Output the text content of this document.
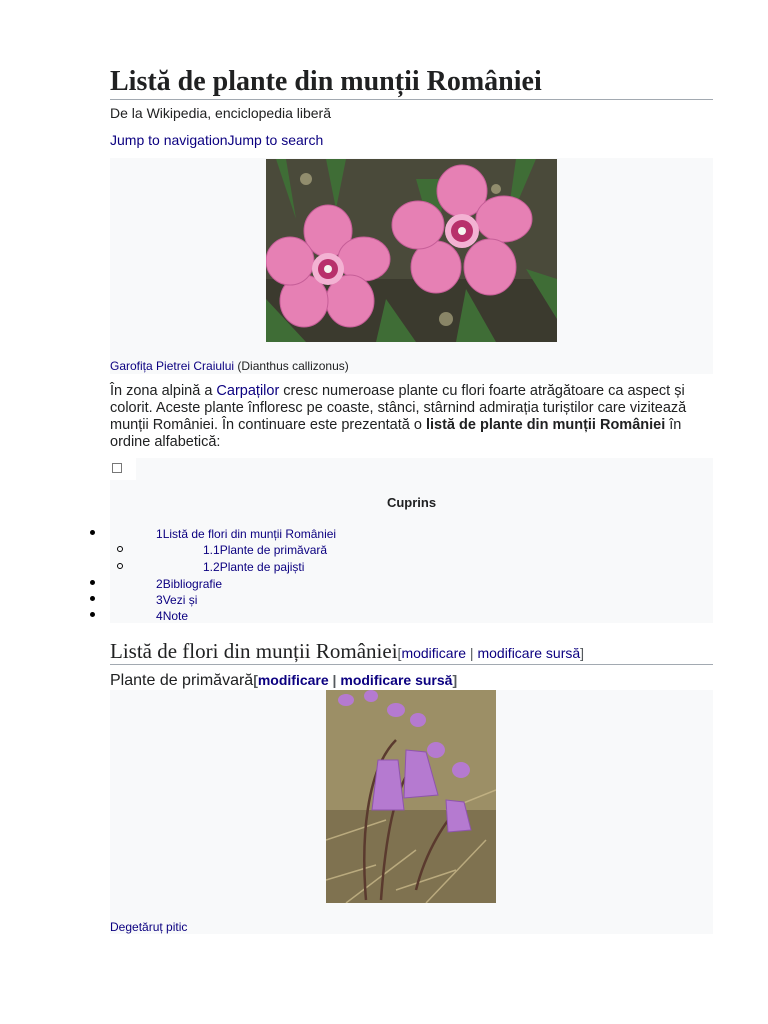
Listă de plante din munții României
De la Wikipedia, enciclopedia liberă
Jump to navigationJump to search
Garofița Pietrei Craiului (Dianthus callizonus)

În zona alpină a Carpaților cresc numeroase plante cu flori foarte atrăgătoare ca aspect și colorit. Aceste plante înfloresc pe coaste, stânci, stârnind admirația turiștilor care vizitează munții României. În continuare este prezentată o listă de plante din munții României în ordine alfabetică:

Cuprins
1Listă de flori din munții României
1.1Plante de primăvară
1.2Plante de pajiști
2Bibliografie
3Vezi și
4Note
Listă de flori din munții României[modificare | modificare sursă]
Plante de primăvară[modificare | modificare sursă]
Degetăruț pitic
